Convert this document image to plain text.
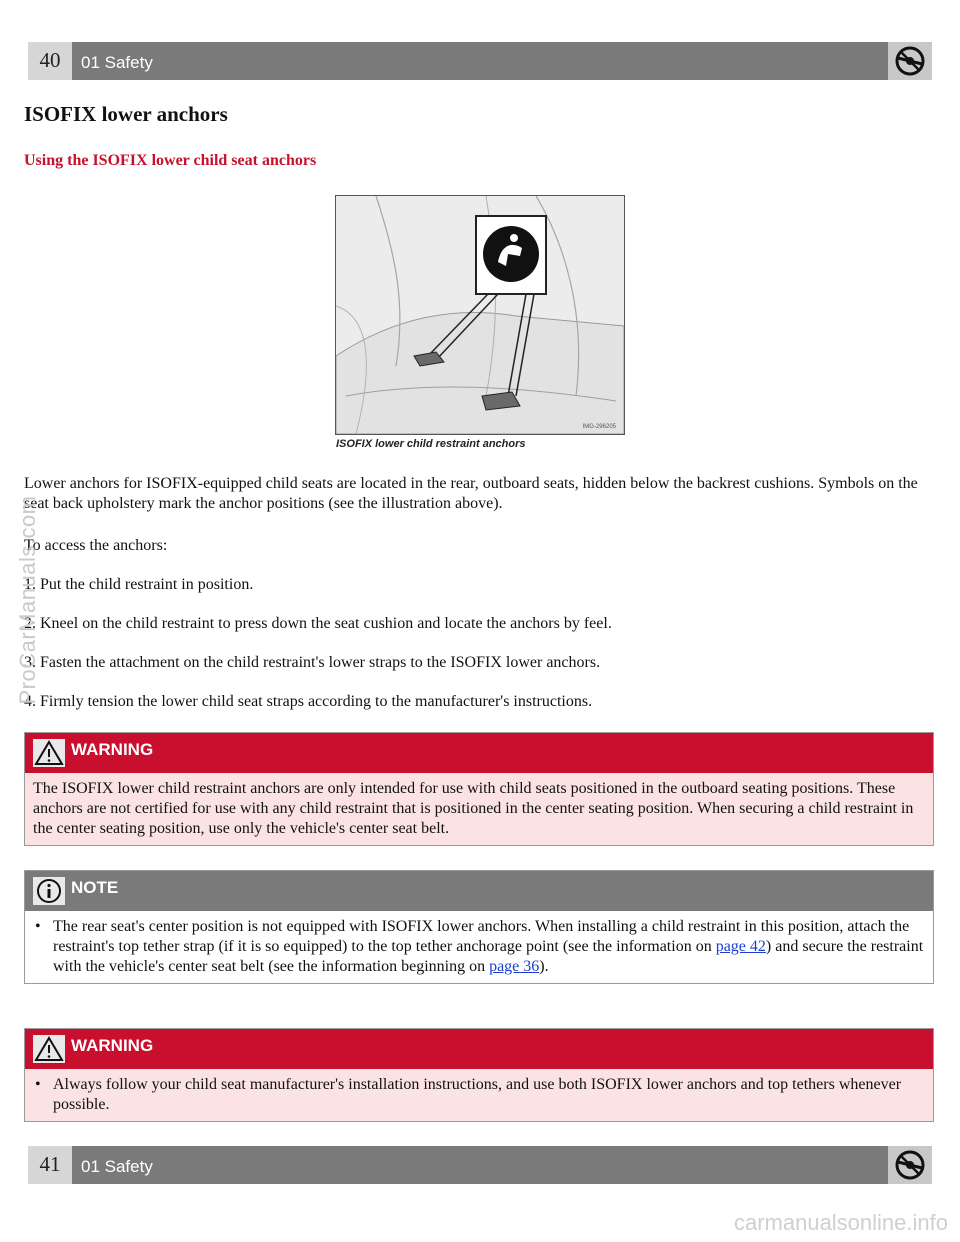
40	01 Safety
ISOFIX lower anchors
Using the ISOFIX lower child seat anchors
IMG-296205
ISOFIX lower child restraint anchors

Lower anchors for ISOFIX-equipped child seats are located in the rear, outboard seats, hidden below the backrest cushions. Symbols on the seat back upholstery mark the anchor positions (see the illustration above).

To access the anchors:

1. Put the child restraint in position.

2. Kneel on the child restraint to press down the seat cushion and locate the anchors by feel.

3. Fasten the attachment on the child restraint's lower straps to the ISOFIX lower anchors.

4. Firmly tension the lower child seat straps according to the manufacturer's instructions.

WARNING
The ISOFIX lower child restraint anchors are only intended for use with child seats positioned in the outboard seating positions. These anchors are not certified for use with any child restraint that is positioned in the center seating position. When securing a child restraint in the center seating position, use only the vehicle's center seat belt.
NOTE
• The rear seat's center position is not equipped with ISOFIX lower anchors. When installing a child restraint in this position, attach the restraint's top tether strap (if it is so equipped) to the top tether anchorage point (see the information on page 42) and secure the restraint with the vehicle's center seat belt (see the information beginning on page 36).
WARNING
• Always follow your child seat manufacturer's installation instructions, and use both ISOFIX lower anchors and top tethers whenever possible.
41	01 Safety
ProCarManuals.com
carmanualsonline.info
